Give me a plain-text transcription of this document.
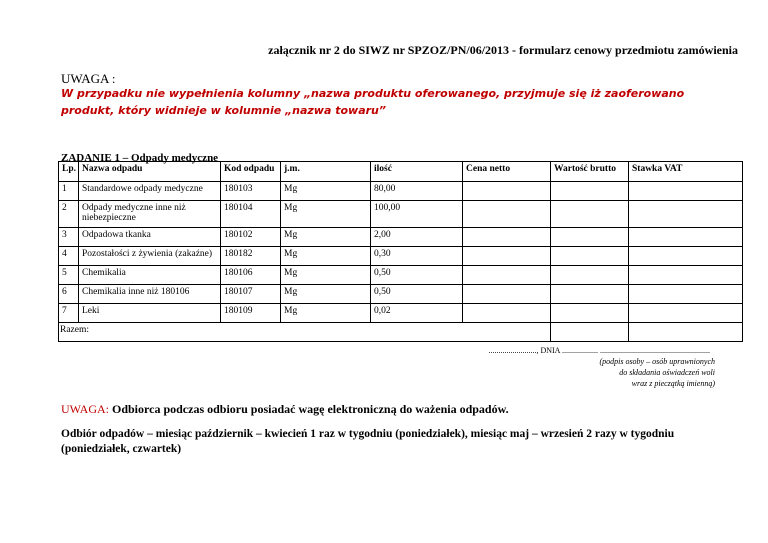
załącznik nr 2 do SIWZ nr SPZOZ/PN/06/2013 - formularz cenowy przedmiotu zamówienia
UWAGA :
W przypadku nie wypełnienia kolumny „nazwa produktu oferowanego, przyjmuje się iż zaoferowano produkt, który widnieje w kolumnie „nazwa towaru”
ZADANIE 1 – Odpady medyczne
Lp.	Nazwa odpadu	Kod odpadu	j.m.	ilość	Cena netto	Wartość brutto	Stawka VAT
1	Standardowe odpady medyczne	180103	Mg	80,00			
2	Odpady medyczne inne niż niebezpieczne	180104	Mg	100,00			
3	Odpadowa tkanka	180102	Mg	2,00			
4	Pozostałości z żywienia (zakaźne)	180182	Mg	0,30			
5	Chemikalia	180106	Mg	0,50			
6	Chemikalia inne niż 180106	180107	Mg	0,50			
7	Leki	180109	Mg	0,02			
Razem:							
........................, DNIA .................. .......................................................
(podpis osoby – osób uprawnionych
do składania oświadczeń woli
wraz z pieczątką imienną)
UWAGA: Odbiorca podczas odbioru posiadać wagę elektroniczną do ważenia odpadów.
Odbiór odpadów – miesiąc październik – kwiecień 1 raz w tygodniu (poniedziałek), miesiąc maj – wrzesień 2 razy w tygodniu (poniedziałek, czwartek)
